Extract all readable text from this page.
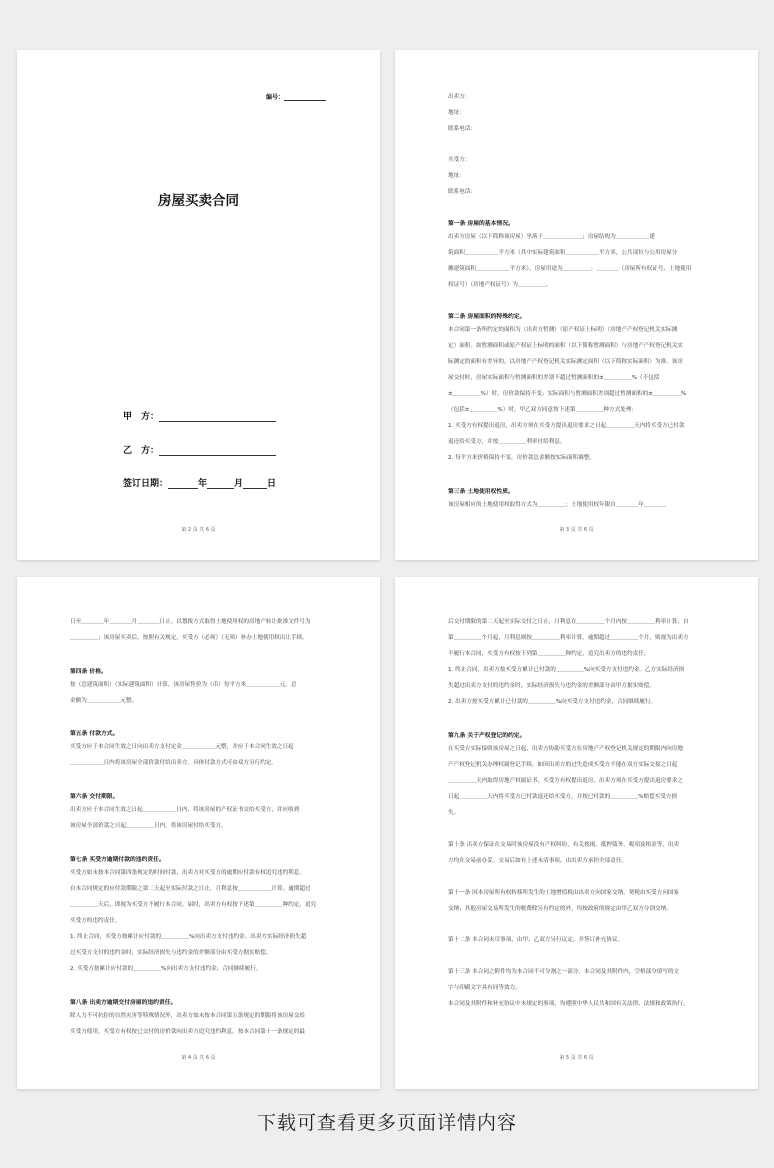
编号：
房屋买卖合同
甲　方：
乙　方：
签订日期：	年	月	日
第 2 页 共 6 页
出卖方：
地址：
联系电话：
买受方：
地址：
联系电话：
第一条 房屋的基本情况。
出卖方房屋（以下简称该房屋）坐落于＿＿＿＿＿＿＿；房屋结构为＿＿＿＿＿＿建
筑面积＿＿＿＿＿＿平方米（其中实际建筑面积＿＿＿＿＿＿平方米，公共部位与公用房屋分
摊建筑面积＿＿＿＿＿＿平方米），房屋用途为＿＿＿＿＿；＿＿＿＿（房屋所有权证号、土地使用
权证号）（房地产权证号）为＿＿＿＿＿。
第二条 房屋面积的特殊约定。
本合同第一条所约定的面积为（出卖方暂测）（原产权证上标明）（房地产产权登记机关实际测
定）面积。如暂测面积或原产权证上标明的面积（以下简称暂测面积）与房地产产权登记机关实
际测定的面积有差异的，以房地产产权登记机关实际测定面积（以下简称实际面积）为准。该房
屋交付时，房屋实际面积与暂测面积的差别不超过暂测面积的±＿＿＿＿＿%（不包括
±＿＿＿＿＿%）时，房价款保持不变；实际面积与暂测面积差别超过暂测面积的±＿＿＿＿＿%
（包括±＿＿＿＿＿%）时，甲乙双方同意按下述第＿＿＿＿＿种方式处理：
1. 买受方有权提出退房，出卖方须在买受方提出退房要求之日起＿＿＿＿＿天内将买受方已付款
退还给买受方，并按＿＿＿＿＿利率付给利息。
2. 每平方米价格保持不变，房价款总金额按实际面积调整。
第三条 土地使用权性质。
该房屋相应的土地使用权取得方式为＿＿＿＿＿；土地使用权年限自＿＿＿＿年＿＿＿＿
第 3 页 共 6 页
日至＿＿＿＿年＿＿＿＿月＿＿＿＿日止。以划拨方式取得土地使用权的房地产转让批准文件号为
＿＿＿＿＿；该房屋买卖后，按照有关规定，买受方（必须）（无须）补办土地使用权出让手续。
第四条 价格。
按（总建筑面积）（实际建筑面积）计算，该房屋售价为（币）每平方米＿＿＿＿＿＿元，总
金额为＿＿＿＿＿＿元整。
第五条 付款方式。
买受方应于本合同生效之日向出卖方支付定金＿＿＿＿＿＿元整，并应于本合同生效之日起
＿＿＿＿＿＿日内将该房屋全部价款付给出卖方。具体付款方式可由双方另行约定。
第六条 交付期限。
出卖方应于本合同生效之日起＿＿＿＿＿＿日内，将该房屋的产权证书交给买受方，并应收到
该房屋全部价款之日起＿＿＿＿＿日内，将该房屋付给买受方。
第七条 买受方逾期付款的违约责任。
买受方如未按本合同第四条规定的时间付款，出卖方对买受方的逾期应付款有权追究违约利息。
自本合同规定的应付款期限之第二天起至实际付款之日止，月利息按＿＿＿＿＿＿计算。逾期超过
＿＿＿＿＿天后，即视为买受方不履行本合同。届时，出卖方有权按下述第＿＿＿＿＿种约定，追究
买受方的违约责任。
1. 终止合同，买受方按累计应付款的＿＿＿＿＿%向出卖方支付违约金。出卖方实际经济损失超
过买受方支付的违约金时，实际经济损失与违约金的差额部分由买受方据实赔偿。
2. 买受方按累计应付款的＿＿＿＿＿%向出卖方支付违约金，合同继续履行。
第八条 出卖方逾期交付房屋的违约责任。
除人力不可抗拒的自然灾害等特殊情况外，出卖方如未按本合同第五条规定的期限将该房屋交给
买受方使用，买受方有权按已交付的房价款向出卖方追究违约利息。按本合同第十一条规定的最
第 4 页 共 6 页
后交付期限的第二天起至实际交付之日止，月利息在＿＿＿＿＿个月内按＿＿＿＿＿利率计算；自
第＿＿＿＿＿个月起，月利息则按＿＿＿＿＿利率计算。逾期超过＿＿＿＿＿个月，则视为出卖方
不履行本合同，买受方有权按下列第＿＿＿＿＿种约定，追究出卖方的违约责任。
1. 终止合同，出卖方按买受方累计已付款的＿＿＿＿＿%向买受方支付违约金。乙方实际经济损
失超过出卖方支付的违约金时，实际经济损失与违约金的差额部分由甲方据实赔偿。
2. 出卖方按买受方累计已付款的＿＿＿＿＿%向买受方支付违约金，合同继续履行。
第九条 关于产权登记的约定。
在买受方实际接收该房屋之日起，出卖方协助买受方在房地产产权登记机关规定的期限内向房地
产产权登记机关办理权属登记手续。如因出卖方的过失造成买受方不能在双方实际交接之日起
＿＿＿＿＿天内取得房地产权属证书，买受方有权提出退房，出卖方须在买受方提出退房要求之
日起＿＿＿＿＿天内将买受方已付款退还给买受方，并按已付款的＿＿＿＿＿%赔偿买受方损
失。
第十条 出卖方保证在交易时该房屋没有产权纠纷，有关按揭、抵押债务、税项及租金等，出卖
方均在交易前办妥。交易后如有上述未清事项，由出卖方承担全部责任。
第十一条 因本房屋所有权转移所发生的土地增值税由出卖方向国家交纳，契税由买受方向国家
交纳；其他房屋交易所发生的税费除另有约定的外，均按政府的规定由甲乙双方分别交纳。
第十二条 本合同未尽事项，由甲、乙双方另行议定，并签订补充协议。
第十三条 本合同之附件均为本合同不可分割之一部分。本合同及其附件内，空格部分填写的文
字与印刷文字具有同等效力。
本合同及其附件和补充协议中未规定的事项，均遵照中华人民共和国有关法律、法规和政策执行。
第 5 页 共 6 页
下载可查看更多页面详情内容
